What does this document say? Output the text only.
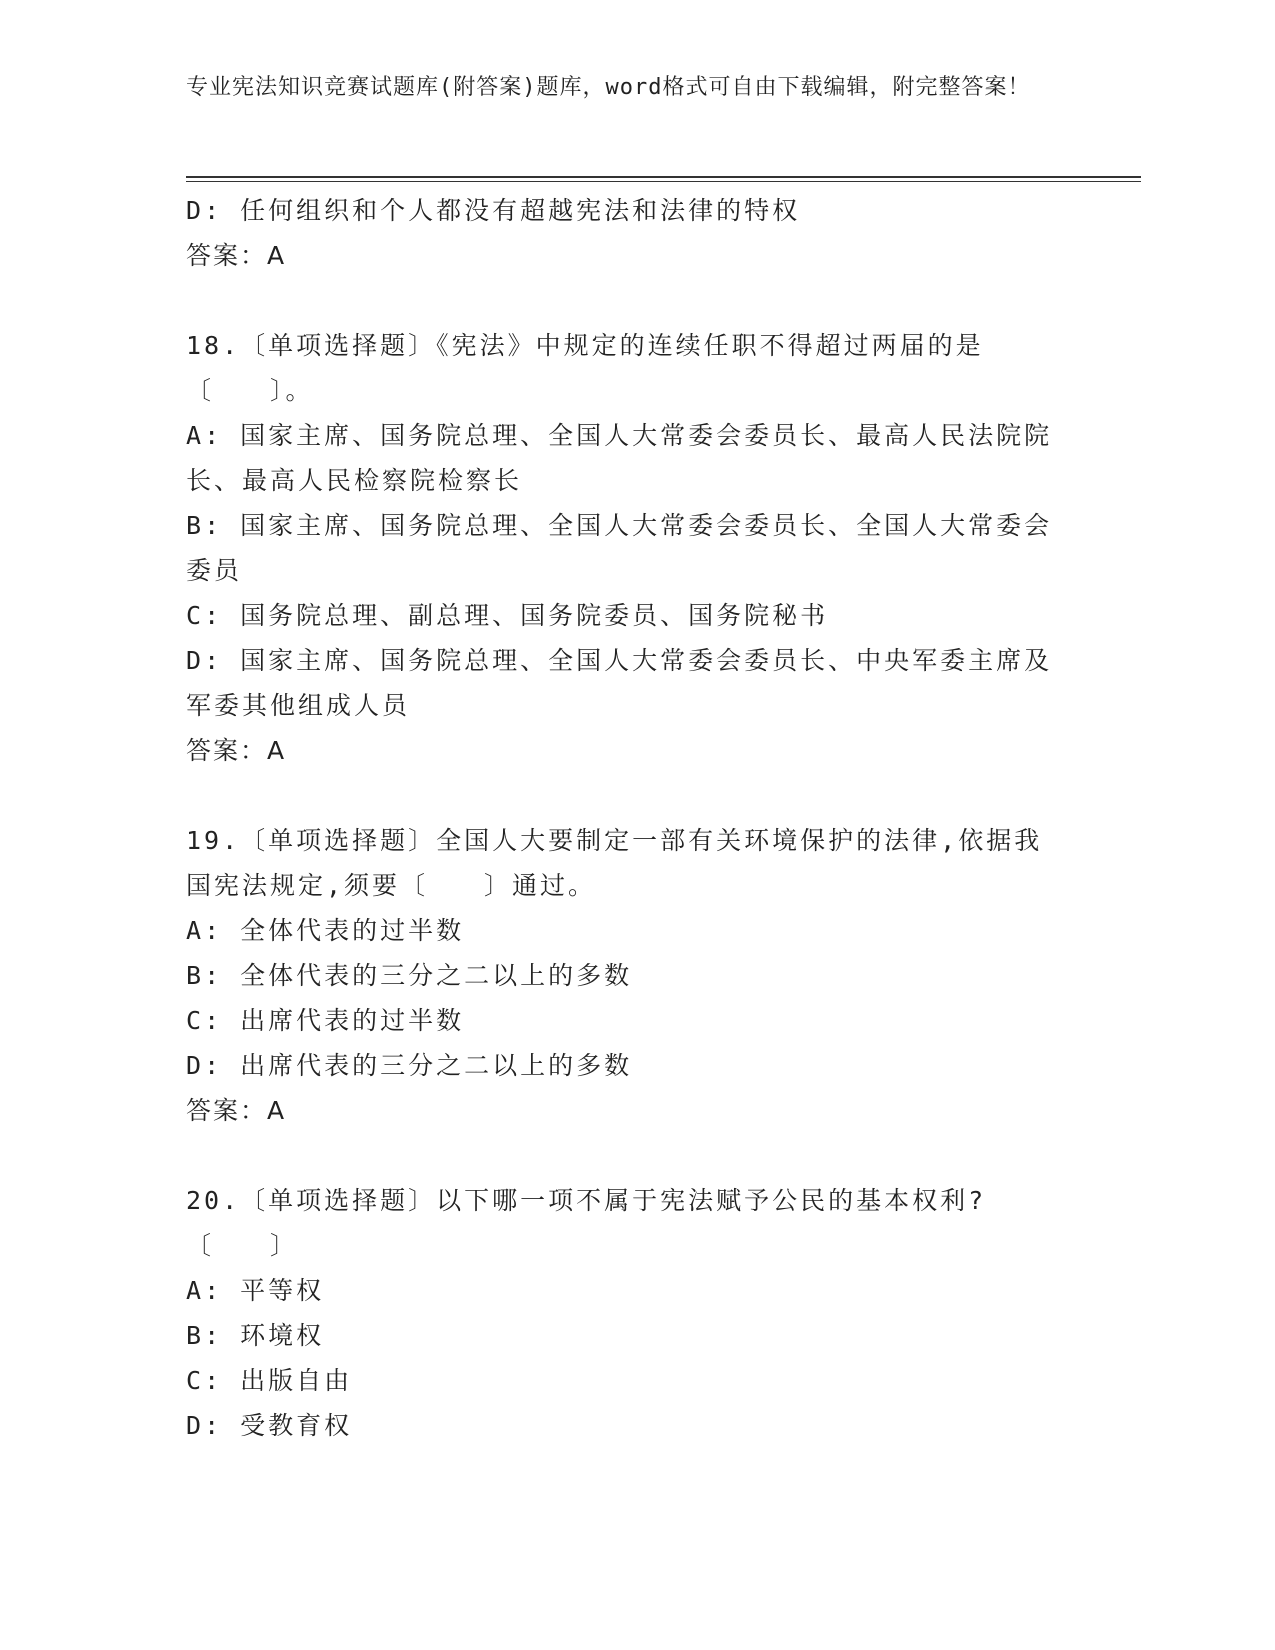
专业宪法知识竞赛试题库(附答案)题库，word格式可自由下载编辑，附完整答案！

D: 任何组织和个人都没有超越宪法和法律的特权

答案：A

18.〔单项选择题〕《宪法》中规定的连续任职不得超过两届的是〔　　〕。

A: 国家主席、国务院总理、全国人大常委会委员长、最高人民法院院长、最高人民检察院检察长

B: 国家主席、国务院总理、全国人大常委会委员长、全国人大常委会委员

C: 国务院总理、副总理、国务院委员、国务院秘书

D: 国家主席、国务院总理、全国人大常委会委员长、中央军委主席及军委其他组成人员

答案：A

19.〔单项选择题〕全国人大要制定一部有关环境保护的法律,依据我国宪法规定,须要〔　　〕通过。

A: 全体代表的过半数

B: 全体代表的三分之二以上的多数

C: 出席代表的过半数

D: 出席代表的三分之二以上的多数

答案：A

20.〔单项选择题〕以下哪一项不属于宪法赋予公民的基本权利?〔　　〕

A: 平等权

B: 环境权

C: 出版自由

D: 受教育权
